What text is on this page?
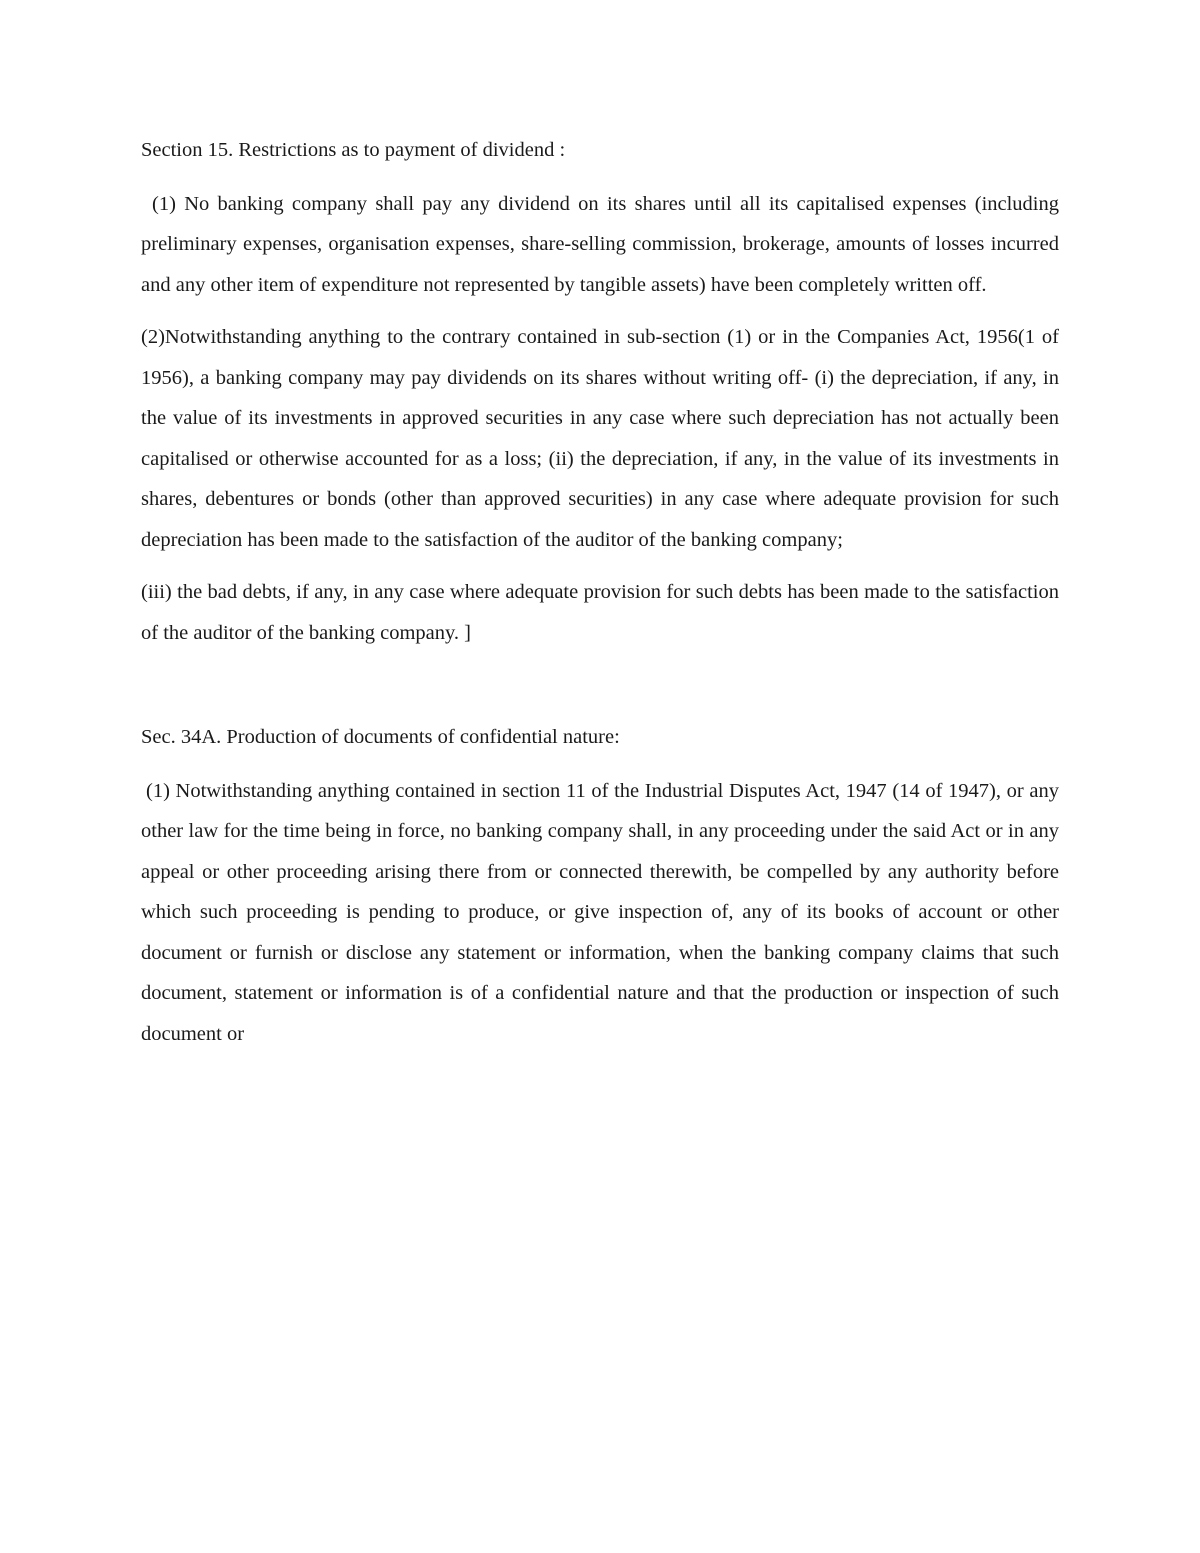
Section 15. Restrictions as to payment of dividend :

(1) No banking company shall pay any dividend on its shares until all its capitalised expenses (including preliminary expenses, organisation expenses, share-selling commission, brokerage, amounts of losses incurred and any other item of expenditure not represented by tangible assets) have been completely written off.

(2)Notwithstanding anything to the contrary contained in sub-section (1) or in the Companies Act, 1956(1 of 1956), a banking company may pay dividends on its shares without writing off- (i) the depreciation, if any, in the value of its investments in approved securities in any case where such depreciation has not actually been capitalised or otherwise accounted for as a loss; (ii) the depreciation, if any, in the value of its investments in shares, debentures or bonds (other than approved securities) in any case where adequate provision for such depreciation has been made to the satisfaction of the auditor of the banking company;

(iii) the bad debts, if any, in any case where adequate provision for such debts has been made to the satisfaction of the auditor of the banking company. ]

Sec. 34A. Production of documents of confidential nature:

(1) Notwithstanding anything contained in section 11 of the Industrial Disputes Act, 1947 (14 of 1947), or any other law for the time being in force, no banking company shall, in any proceeding under the said Act or in any appeal or other proceeding arising there from or connected therewith, be compelled by any authority before which such proceeding is pending to produce, or give inspection of, any of its books of account or other document or furnish or disclose any statement or information, when the banking company claims that such document, statement or information is of a confidential nature and that the production or inspection of such document or
